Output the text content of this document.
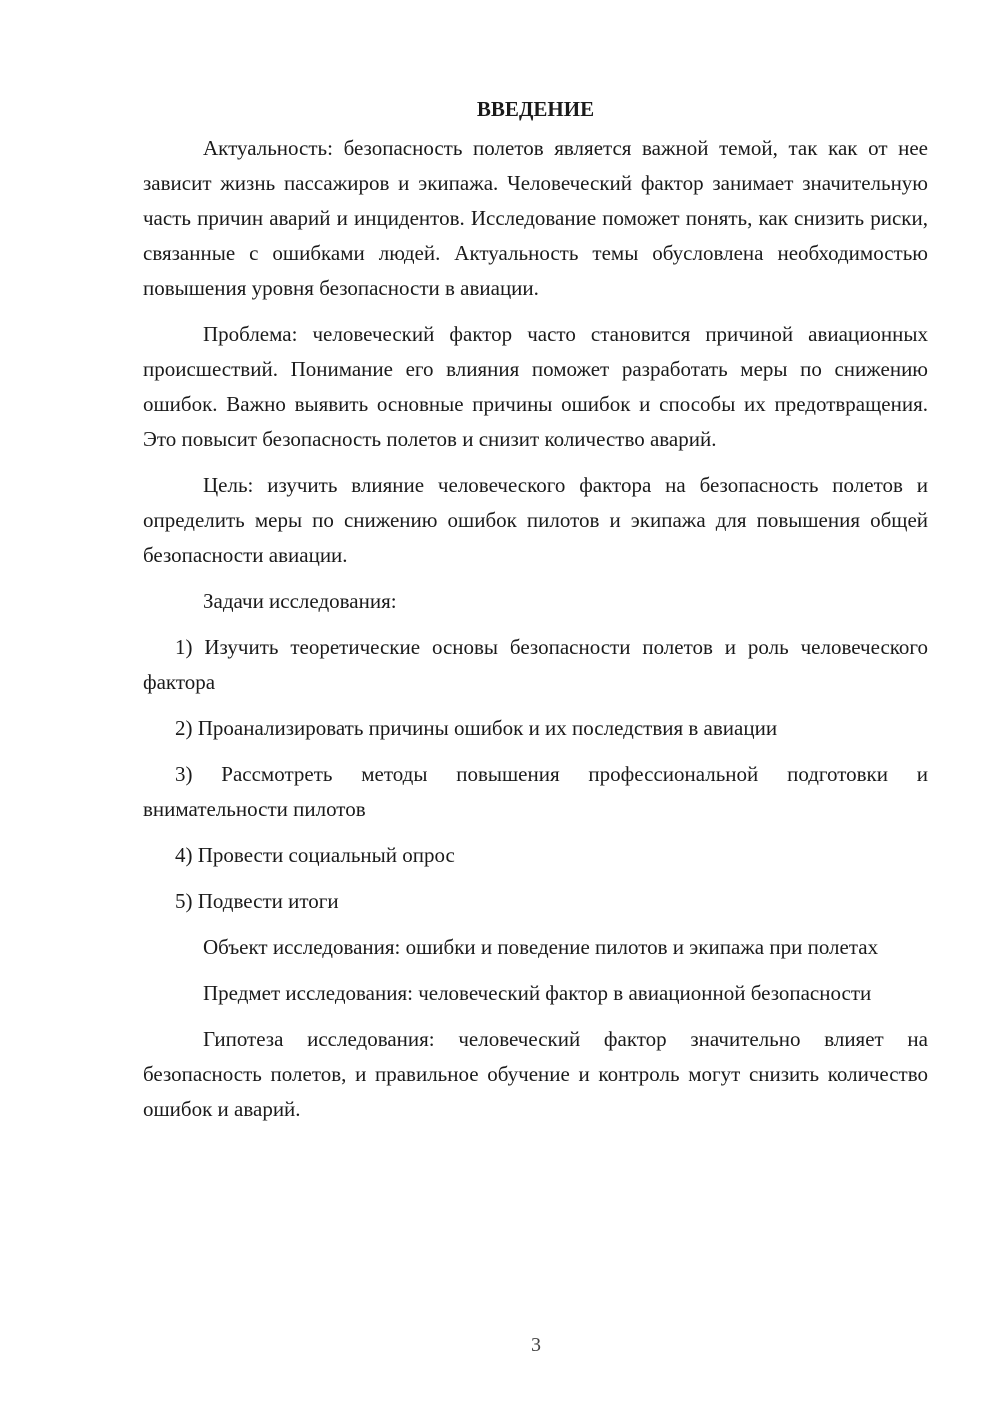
ВВЕДЕНИЕ

Актуальность: безопасность полетов является важной темой, так как от нее зависит жизнь пассажиров и экипажа. Человеческий фактор занимает значительную часть причин аварий и инцидентов. Исследование поможет понять, как снизить риски, связанные с ошибками людей. Актуальность темы обусловлена необходимостью повышения уровня безопасности в авиации.

Проблема: человеческий фактор часто становится причиной авиационных происшествий. Понимание его влияния поможет разработать меры по снижению ошибок. Важно выявить основные причины ошибок и способы их предотвращения. Это повысит безопасность полетов и снизит количество аварий.

Цель: изучить влияние человеческого фактора на безопасность полетов и определить меры по снижению ошибок пилотов и экипажа для повышения общей безопасности авиации.

Задачи исследования:

1) Изучить теоретические основы безопасности полетов и роль человеческого фактора

2) Проанализировать причины ошибок и их последствия в авиации

3) Рассмотреть методы повышения профессиональной подготовки и внимательности пилотов

4) Провести социальный опрос

5) Подвести итоги

Объект исследования: ошибки и поведение пилотов и экипажа при полетах

Предмет исследования: человеческий фактор в авиационной безопасности

Гипотеза исследования: человеческий фактор значительно влияет на безопасность полетов, и правильное обучение и контроль могут снизить количество ошибок и аварий.

3
